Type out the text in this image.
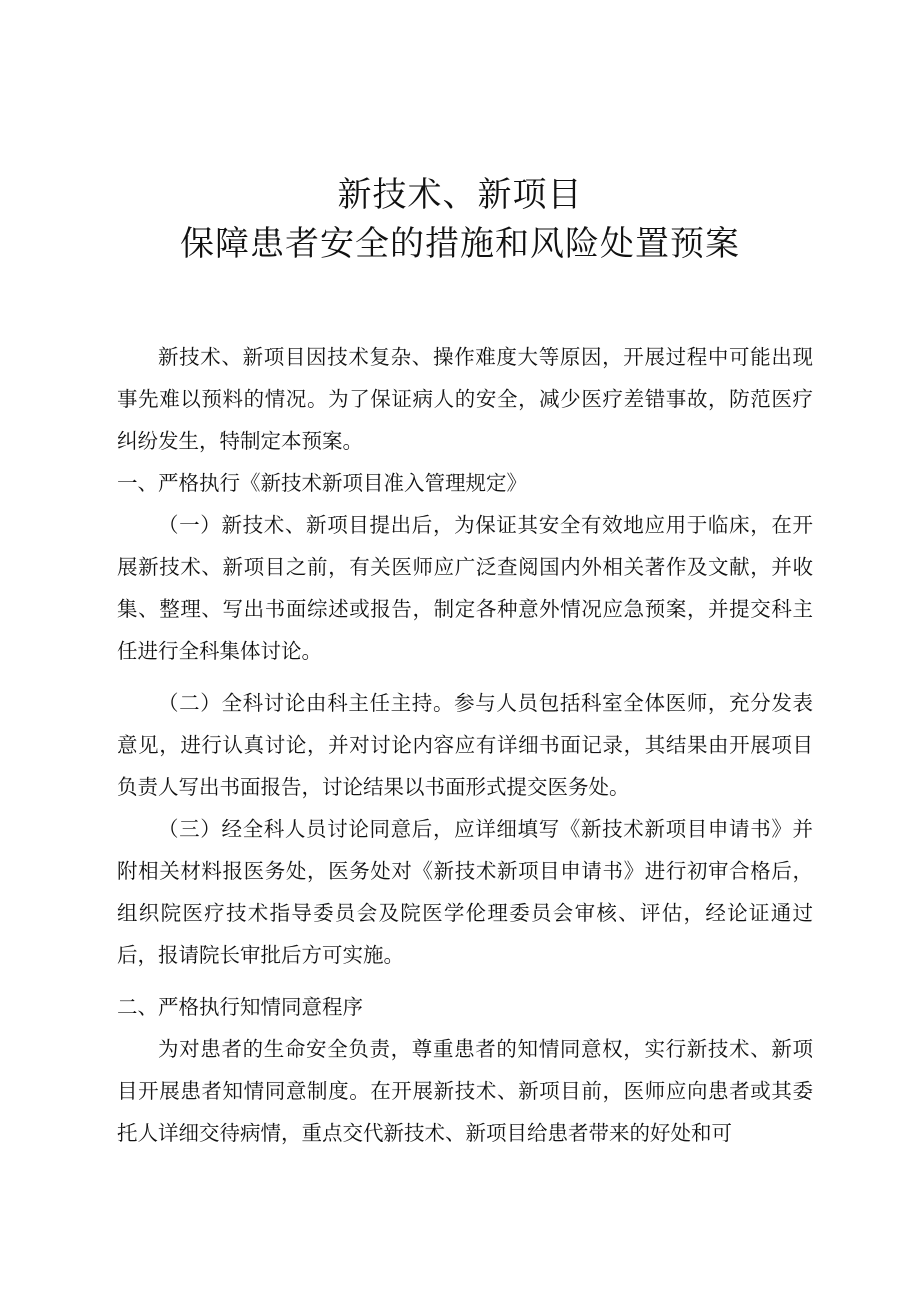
新技术、新项目
保障患者安全的措施和风险处置预案

新技术、新项目因技术复杂、操作难度大等原因，开展过程中可能出现事先难以预料的情况。为了保证病人的安全，减少医疗差错事故，防范医疗纠纷发生，特制定本预案。

一、严格执行《新技术新项目准入管理规定》

（一）新技术、新项目提出后，为保证其安全有效地应用于临床，在开展新技术、新项目之前，有关医师应广泛查阅国内外相关著作及文献，并收集、整理、写出书面综述或报告，制定各种意外情况应急预案，并提交科主任进行全科集体讨论。

（二）全科讨论由科主任主持。参与人员包括科室全体医师，充分发表意见，进行认真讨论，并对讨论内容应有详细书面记录，其结果由开展项目负责人写出书面报告，讨论结果以书面形式提交医务处。

（三）经全科人员讨论同意后，应详细填写《新技术新项目申请书》并附相关材料报医务处，医务处对《新技术新项目申请书》进行初审合格后，组织院医疗技术指导委员会及院医学伦理委员会审核、评估，经论证通过后，报请院长审批后方可实施。

二、严格执行知情同意程序

为对患者的生命安全负责，尊重患者的知情同意权，实行新技术、新项目开展患者知情同意制度。在开展新技术、新项目前，医师应向患者或其委托人详细交待病情，重点交代新技术、新项目给患者带来的好处和可
